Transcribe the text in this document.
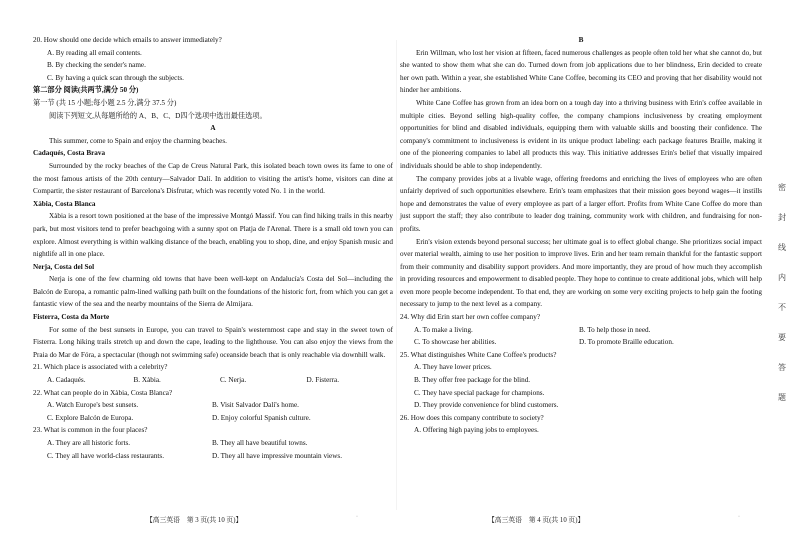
20. How should one decide which emails to answer immediately?

A. By reading all email contents.

B. By checking the sender's name.

C. By having a quick scan through the subjects.

第二部分 阅读(共两节,满分 50 分)

第一节 (共 15 小题;每小题 2.5 分,满分 37.5 分)

阅读下列短文,从每题所给的 A、B、C、D四个选项中选出最佳选项。

A

This summer, come to Spain and enjoy the charming beaches.

Cadaqués, Costa Brava

Surrounded by the rocky beaches of the Cap de Creus Natural Park, this isolated beach town owes its fame to one of the most famous artists of the 20th century—Salvador Dalí. In addition to visiting the artist's home, visitors can dine at Compartir, the sister restaurant of Barcelona's Disfrutar, which was recently voted No. 1 in the world.

Xàbia, Costa Blanca

Xàbia is a resort town positioned at the base of the impressive Montgó Massif. You can find hiking trails in this nearby park, but most visitors tend to prefer beachgoing with a sunny spot on Platja de l'Arenal. There is a small old town you can explore. Almost everything is within walking distance of the beach, enabling you to shop, dine, and enjoy Spanish music and nightlife all in one place.

Nerja, Costa del Sol

Nerja is one of the few charming old towns that have been well-kept on Andalucía's Costa del Sol—including the Balcón de Europa, a romantic palm-lined walking path built on the foundations of the historic fort, from which you can get a fantastic view of the sea and the nearby mountains of the Sierra de Almijara.

Fisterra, Costa da Morte

For some of the best sunsets in Europe, you can travel to Spain's westernmost cape and stay in the sweet town of Fisterra. Long hiking trails stretch up and down the cape, leading to the lighthouse. You can also enjoy the views from the Praia do Mar de Fóra, a spectacular (though not swimming safe) oceanside beach that is only reachable via downhill walk.

21. Which place is associated with a celebrity?

A. Cadaqués.	B. Xàbia.	C. Nerja.	D. Fisterra.

22. What can people do in Xàbia, Costa Blanca?

A. Watch Europe's best sunsets.	B. Visit Salvador Dalí's home.
C. Explore Balcón de Europa.	D. Enjoy colorful Spanish culture.

23. What is common in the four places?

A. They are all historic forts.	B. They all have beautiful towns.
C. They all have world-class restaurants.	D. They all have impressive mountain views.

B

Erin Willman, who lost her vision at fifteen, faced numerous challenges as people often told her what she cannot do, but she wanted to show them what she can do. Turned down from job applications due to her blindness, Erin decided to create her own path. Within a year, she established White Cane Coffee, becoming its CEO and proving that her disability would not hinder her ambitions.

White Cane Coffee has grown from an idea born on a tough day into a thriving business with Erin's coffee available in multiple cities. Beyond selling high-quality coffee, the company champions inclusiveness by creating employment opportunities for blind and disabled individuals, equipping them with valuable skills and boosting their confidence. The company's commitment to inclusiveness is evident in its unique product labeling: each package features Braille, making it one of the pioneering companies to label all products this way. This initiative addresses Erin's belief that visually impaired individuals should be able to shop independently.

The company provides jobs at a livable wage, offering freedoms and enriching the lives of employees who are often unfairly deprived of such opportunities elsewhere. Erin's team emphasizes that their mission goes beyond wages—it instills hope and demonstrates the value of every employee as part of a larger effort. Profits from White Cane Coffee do more than just support the staff; they also contribute to leader dog training, community work with children, and fundraising for non-profits.

Erin's vision extends beyond personal success; her ultimate goal is to effect global change. She prioritizes social impact over material wealth, aiming to use her position to improve lives. Erin and her team remain thankful for the fantastic support from their community and disability support providers. And more importantly, they are proud of how much they accomplish in providing resources and empowerment to disabled people. They hope to continue to create additional jobs, which will help even more people become independent. To that end, they are working on some very exciting projects to help gain the footing necessary to jump to the next level as a company.

24. Why did Erin start her own coffee company?

A. To make a living.	B. To help those in need.
C. To showcase her abilities.	D. To promote Braille education.

25. What distinguishes White Cane Coffee's products?

A. They have lower prices.

B. They offer free package for the blind.

C. They have special package for champions.

D. They provide convenience for blind customers.

26. How does this company contribute to society?

A. Offering high paying jobs to employees.

【高三英语　第 3 页(共 10 页)】	【高三英语　第 4 页(共 10 页)】
·	·
密
封
线
内
不
要
答
题
